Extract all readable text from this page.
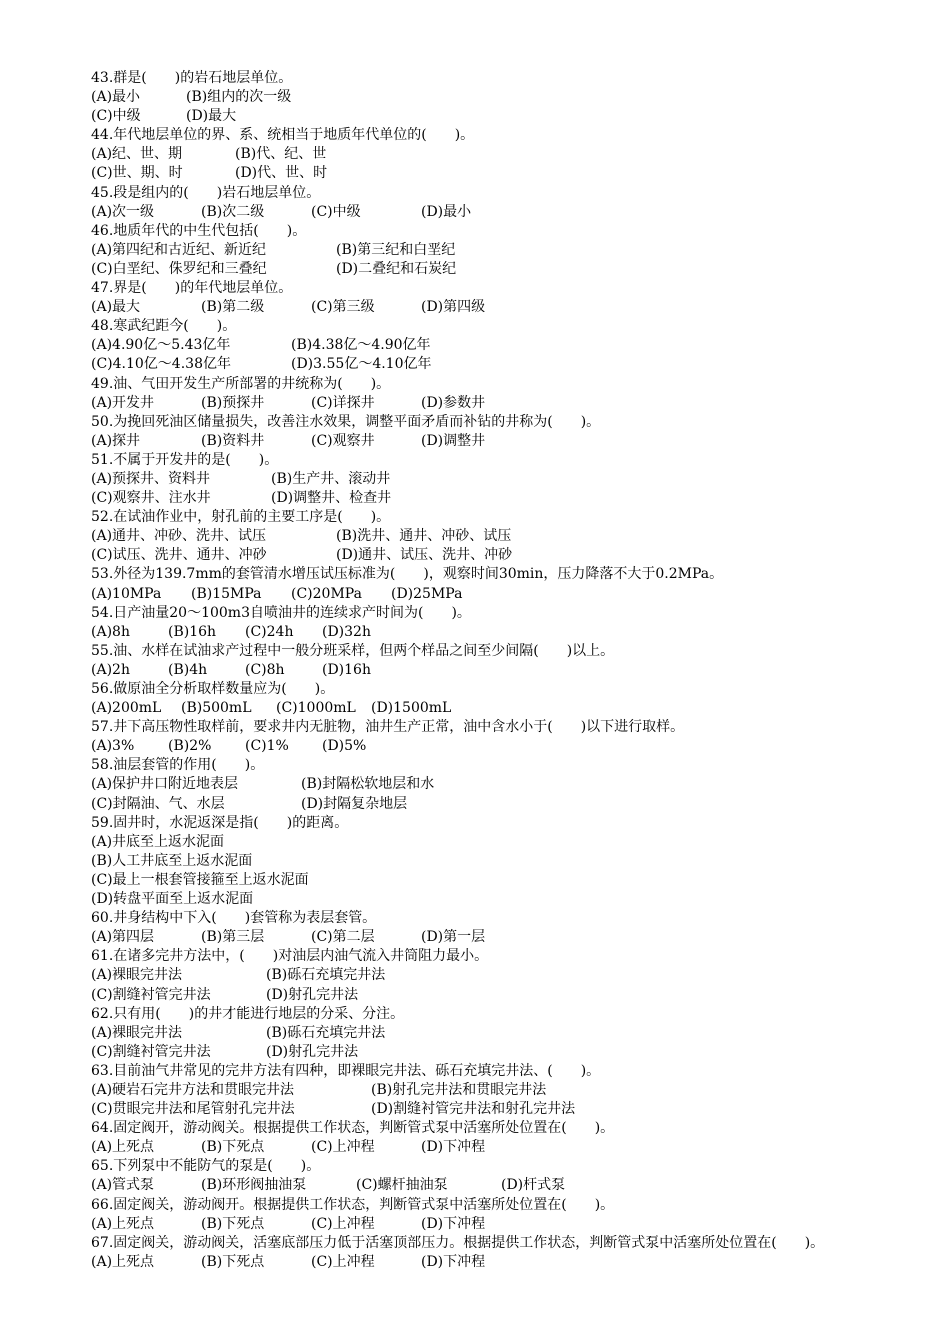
43.群是(　　)的岩石地层单位。
(A)最小	(B)组内的次一级
(C)中级	(D)最大
44.年代地层单位的界、系、统相当于地质年代单位的(　　)。
(A)纪、世、期	(B)代、纪、世
(C)世、期、时	(D)代、世、时
45.段是组内的(　　)岩石地层单位。
(A)次一级	(B)次二级	(C)中级	(D)最小
46.地质年代的中生代包括(　　)。
(A)第四纪和古近纪、新近纪	(B)第三纪和白垩纪
(C)白垩纪、侏罗纪和三叠纪	(D)二叠纪和石炭纪
47.界是(　　)的年代地层单位。
(A)最大	(B)第二级	(C)第三级	(D)第四级
48.寒武纪距今(　　)。
(A)4.90亿～5.43亿年	(B)4.38亿～4.90亿年
(C)4.10亿～4.38亿年	(D)3.55亿～4.10亿年
49.油、气田开发生产所部署的井统称为(　　)。
(A)开发井	(B)预探井	(C)详探井	(D)参数井
50.为挽回死油区储量损失，改善注水效果，调整平面矛盾而补钻的井称为(　　)。
(A)探井	(B)资料井	(C)观察井	(D)调整井
51.不属于开发井的是(　　)。
(A)预探井、资料井	(B)生产井、滚动井
(C)观察井、注水井	(D)调整井、检查井
52.在试油作业中，射孔前的主要工序是(　　)。
(A)通井、冲砂、洗井、试压	(B)洗井、通井、冲砂、试压
(C)试压、洗井、通井、冲砂	(D)通井、试压、洗井、冲砂
53.外径为139.7mm的套管清水增压试压标准为(　　)，观察时间30min，压力降落不大于0.2MPa。
(A)10MPa (B)15MPa (C)20MPa (D)25MPa
54.日产油量20～100m3自喷油井的连续求产时间为(　　)。
(A)8h	(B)16h (C)24h (D)32h
55.油、水样在试油求产过程中一般分班采样，但两个样品之间至少间隔(　　)以上。
(A)2h	(B)4h	(C)8h	(D)16h
56.做原油全分析取样数量应为(　　)。
(A)200mL (B)500mL (C)1000mL (D)1500mL
57.井下高压物性取样前，要求井内无脏物，油井生产正常，油中含水小于(　　)以下进行取样。
(A)3% (B)2% (C)1% (D)5%
58.油层套管的作用(　　)。
(A)保护井口附近地表层	(B)封隔松软地层和水
(C)封隔油、气、水层	(D)封隔复杂地层
59.固井时，水泥返深是指(　　)的距离。
(A)井底至上返水泥面
(B)人工井底至上返水泥面
(C)最上一根套管接箍至上返水泥面
(D)转盘平面至上返水泥面
60.井身结构中下入(　　)套管称为表层套管。
(A)第四层	(B)第三层	(C)第二层	(D)第一层
61.在诸多完井方法中，(　　)对油层内油气流入井筒阻力最小。
(A)裸眼完井法	(B)砾石充填完井法
(C)割缝衬管完井法	(D)射孔完井法
62.只有用(　　)的井才能进行地层的分采、分注。
(A)裸眼完井法	(B)砾石充填完井法
(C)割缝衬管完井法	(D)射孔完井法
63.目前油气井常见的完井方法有四种，即裸眼完井法、砾石充填完井法、(　　)。
(A)硬岩石完井方法和贯眼完井法	(B)射孔完井法和贯眼完井法
(C)贯眼完井法和尾管射孔完井法	(D)割缝衬管完井法和射孔完井法
64.固定阀开，游动阀关。根据提供工作状态，判断管式泵中活塞所处位置在(　　)。
(A)上死点	(B)下死点	(C)上冲程	(D)下冲程
65.下列泵中不能防气的泵是(　　)。
(A)管式泵	(B)环形阀抽油泵	(C)螺杆抽油泵	(D)杆式泵
66.固定阀关，游动阀开。根据提供工作状态，判断管式泵中活塞所处位置在(　　)。
(A)上死点	(B)下死点	(C)上冲程	(D)下冲程
67.固定阀关，游动阀关，活塞底部压力低于活塞顶部压力。根据提供工作状态，判断管式泵中活塞所处位置在(　　)。
(A)上死点	(B)下死点	(C)上冲程	(D)下冲程
